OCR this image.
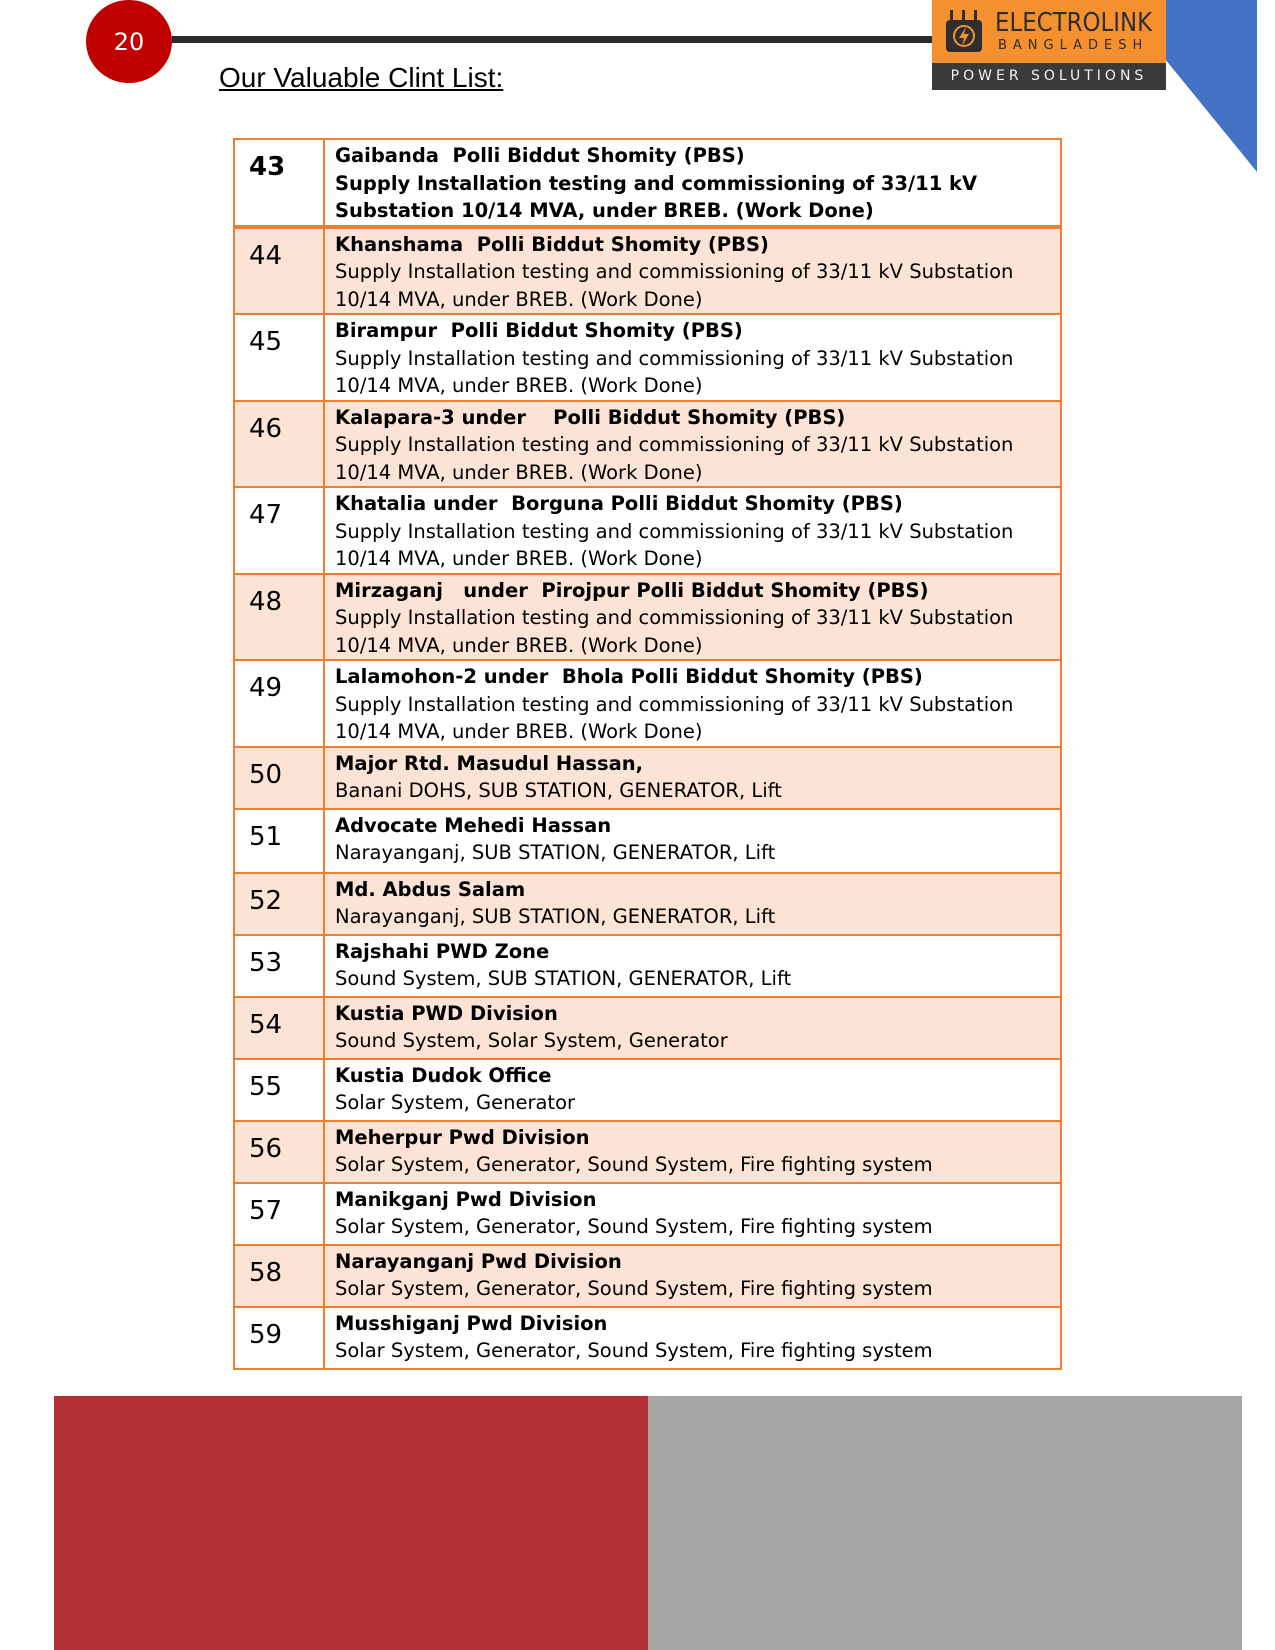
20
ELECTROLINK
BANGLADESH
POWER SOLUTIONS
Our Valuable Clint List:
43	Gaibanda  Polli Biddut Shomity (PBS)
Supply Installation testing and commissioning of 33/11 kV Substation 10/14 MVA, under BREB. (Work Done)

44	Khanshama  Polli Biddut Shomity (PBS)
Supply Installation testing and commissioning of 33/11 kV Substation 10/14 MVA, under BREB. (Work Done)

45	Birampur  Polli Biddut Shomity (PBS)
Supply Installation testing and commissioning of 33/11 kV Substation 10/14 MVA, under BREB. (Work Done)

46	Kalapara-3 under    Polli Biddut Shomity (PBS)
Supply Installation testing and commissioning of 33/11 kV Substation 10/14 MVA, under BREB. (Work Done)

47	Khatalia under  Borguna Polli Biddut Shomity (PBS)
Supply Installation testing and commissioning of 33/11 kV Substation 10/14 MVA, under BREB. (Work Done)

48	Mirzaganj   under  Pirojpur Polli Biddut Shomity (PBS)
Supply Installation testing and commissioning of 33/11 kV Substation 10/14 MVA, under BREB. (Work Done)

49	Lalamohon-2 under  Bhola Polli Biddut Shomity (PBS)
Supply Installation testing and commissioning of 33/11 kV Substation 10/14 MVA, under BREB. (Work Done)

50	Major Rtd. Masudul Hassan,
Banani DOHS, SUB STATION, GENERATOR, Lift

51	Advocate Mehedi Hassan
Narayanganj, SUB STATION, GENERATOR, Lift

52	Md. Abdus Salam
Narayanganj, SUB STATION, GENERATOR, Lift

53	Rajshahi PWD Zone
Sound System, SUB STATION, GENERATOR, Lift

54	Kustia PWD Division
Sound System, Solar System, Generator

55	Kustia Dudok Office
Solar System, Generator

56	Meherpur Pwd Division
Solar System, Generator, Sound System, Fire fighting system

57	Manikganj Pwd Division
Solar System, Generator, Sound System, Fire fighting system

58	Narayanganj Pwd Division
Solar System, Generator, Sound System, Fire fighting system

59	Musshiganj Pwd Division
Solar System, Generator, Sound System, Fire fighting system
